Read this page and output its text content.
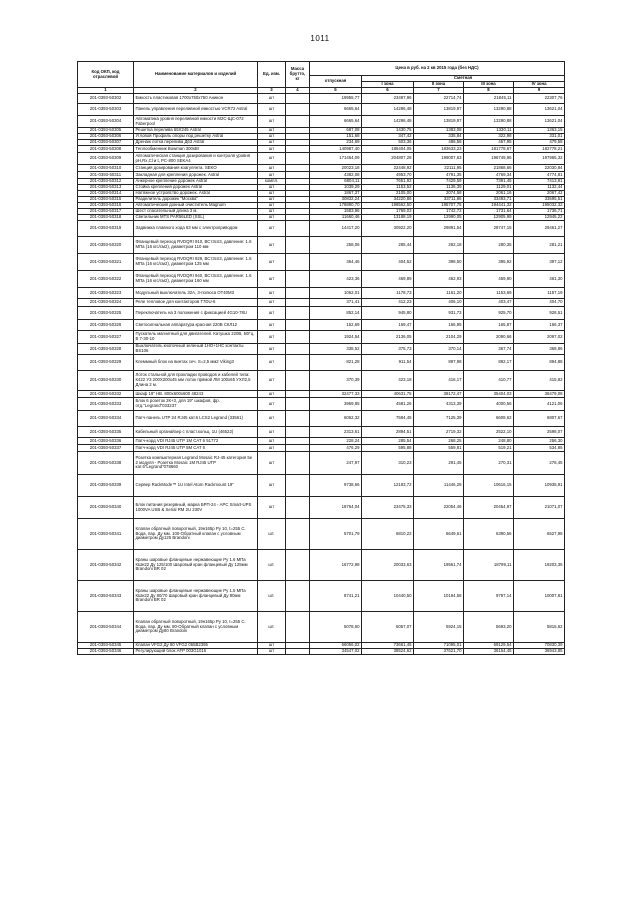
1011
Код ОКП, код отраслевой	Наименование материалов и изделий	Ед. изм.	Масса брутто, кг	Цена в руб. на 2 кв 2015 года (без НДС)				
				отпускная	Сметная			
					I зона	II зона	III зона	IV зона
1	2	3	4	5	6	7	8	9
201-0393-50302	Емкость пластиковая 1700х750х750 Аникон	шт		19955,77	23497,96	22714,74	21845,11	22307,76
201-0393-50303	Панель управления переливной емкостью VCR72 Astral	шт		6665,64	14296,48	13819,97	13290,88	13621,04
201-0393-50304	Автоматика уровня переливной емкости М2С-ЩС-072 Faberpool	шт		6665,64	14296,48	13819,97	13290,88	13621,04
201-0393-50305	Решетка перелива 55Х245 Astral	шт		687,08	1430,75	1383,08	1330,11	1363,15
201-0393-50306	Угловой Профиль опоры под решетку Astral	шт		151,68	347,42	335,84	322,98	331,01
201-0393-50307	Дренаж лотка перелива Д63 Astral	шт		234,69	503,36	486,58	467,95	479,58
201-0393-50308	Теплообменник Bowman 300кВт	шт		140987,40	186404,05	183633,23	181778,67	182778,21
201-0393-50309	Автоматическая станция дозирования и контроля уровня рН,Rx,Cl и t, PC-800 SEKA4	шт		171464,09	204807,28	199007,63	196749,96	197965,32
201-0393-50310	Станция дозирования коагулянта. SEKO	шт		20023,18	22448,92	22111,95	21868,66	22030,84
201-0393-50311	Закладная для крепления дорожек. Astral	шт		4382,08	4953,70	4791,35	4769,34	4774,81
201-0393-50312	Анкерное крепление дорожек Astral	компл.		6804,11	7651,92	7429,59	7391,45	7413,91
201-0393-50313	Стойка крепления дорожек Astral	шт		1039,29	1153,52	1136,39	1129,01	1132,44
201-0393-50314	Натяжное устройство дорожек. Astral	шт		1867,37	2105,00	2074,58	2061,16	2067,42
201-0393-50315	Разделитель дорожек "Москва"	шт		30832,24	34220,86	33711,86	33493,71	33595,51
201-0393-50316	Автоматический донный очиститель Magnum	шт		178890,70	198562,50	195707,75	194441,32	195032,32
201-0393-50317	Шест спасательный длина 3 м.	шт		1583,96	1769,03	1742,72	1731,64	1736,71
201-0393-50318	Светильник MTS PAR56LED (SSL)	шт		11660,46	13188,19	12990,05	12905,99	12945,22
201-0393-50319	Задвижка плавного хода 63 мм с электроприводом	шт		14417,20	30922,20	29891,54	28747,15	29461,27
201-0393-50320	Фланцевый переход RVDQRI 910, ВСт3сп3, давление: 1.6 МПа (16 кгс/см2), диаметром 110 мм	шт		258,06	285,44	282,18	280,35	281,21
201-0393-50321	Фланцевый переход RVDQRI 929, ВСт3сп3, давление: 1.6 МПа (16 кгс/см2), диаметром 125 мм	шт		364,46	404,52	398,50	395,92	397,12
201-0393-50322	Фланцевый переход RVDQRI 940, ВСт3сп3, давление: 1.6 МПа (16 кгс/см2), диаметром 160 мм	шт		423,36	469,89	462,93	459,90	461,30
201-0393-50323	Модульный выключатель 32А, 3-полюса ОТ40М3	шт		1062,01	1178,73	1161,20	1153,69	1157,19
201-0393-50324	Реле тепловое для контакторов T7DU-6	шт		371,41	412,23	406,10	403,47	404,70
201-0393-50325	Переключатель на 3 положения с фиксацией 4G10-78U	шт		852,14	945,80	931,73	925,70	928,51
201-0393-50326	Светосигнальная аппаратура красная 220В СКЛ12	шт		152,69	169,47	166,95	165,87	166,37
201-0393-50327	Пускатель магнитный для двигателей. Катушка 220В, 50Гц. В 7-30-10	шт		1924,54	2136,05	2104,29	2090,66	2097,02
201-0393-50328	Выключатель кнопочный зеленый 1НО+1НС контакты BS106	шт		338,52	375,73	370,14	367,74	368,86
201-0393-50329	Клеммный блок на винтах сеч. S=2,5 мм2 Viking3	шт		821,28	911,54	897,98	892,17	894,88
201-0393-50330	Лоток стальной для прокладки проводов и кабелей типа: К422 У3 200Х200х45 мм лоток прямой ЛМ 100х65 УХЛ2,5 Длина 2 м.	шт		370,39	423,18	416,17	410,77	415,82
201-0393-50332	Шкаф 19" НВ. 800х600х600 48243	шт		32477,33	40631,75	38172,47	35404,03	38479,08
201-0393-50333	Блок 6 розеток 2К+3, для 19" шкафов, фр. отд."Legrand"033237	шт		3969,85	4581,26	4313,39	4000,56	4121,06
201-0393-50334	Патч-панель UTP 24 RJ45 кат.6 LCS2 Legrand (33561)	шт		6062,32	7584,45	7125,39	6608,62	6807,67
201-0393-50335	Кабельный органайзер с пласт.кольц. 1U (46522)	шт		2313,61	2894,51	2719,32	2522,10	2598,07
201-0393-50336	Патч-корд VDI RJ45 UTP 1М CAT 6 51772	шт		228,24	285,54	268,25	248,80	256,30
201-0393-50337	Патч-корд VDI RJ45 UTP 5М CAT 6	шт		476,29	595,88	559,81	519,21	534,85
201-0393-50338	Розетка компьютерная Legrand Mosaic RJ-45 категория 5е 2 модуля - Розетка Mosaic 1М RJ45 UTP кат.6"Legrand"078660	шт		247,97	310,23	291,45	270,31	278,45
201-0393-50339	Сервер RackMode™ 1U Intel Atom Rackmount 19"	шт		9738,66	12183,72	11446,28	10616,15	10935,91
201-0393-50340	Блок питания резервный, марка БРП-24 - APC Smart-UPS 1000VA USB & Serial RM 2U 230V	шт		18764,04	23475,33	22054,46	20454,97	21071,07
201-0393-50341	Клапан обратный поворотный, 19н165р Ру 10, t=255 С. Вода, пар. Ду мм. 100-Обратный клапан с условным диаметром Ду125 Brandoni	шт.		5701,79	6810,22	6649,61	6390,56	6527,98
201-0393-50342	Краны шаровые фланцевые нержавеющие Ру 1.6 МПа КШн22 Ду 125/100 Шаровый кран фланцевый Ду 125мм Brandoni BR 02	шт.		16772,98	20033,63	19561,74	18799,11	19203,35
201-0393-50343	Краны шаровые фланцевые нержавеющие Ру 1.5 МПа КШн22 Ду 80/70 Шаровый кран фланцевый Ду 80мм Brandoni BR 02	шт.		8741,21	10440,50	10194,58	9797,14	10007,81
201-0393-50344	Клапан обратный поворотный, 19н165р Ру 10, t=255 С. Вода, пар. Ду мм. 80-Обратный клапан с условным диаметром Ду80 Brandoni	шт.		5078,60	6057,07	5924,15	5693,20	5815,62
201-0393-50345	Клапан VFG2 Ду 80 VFG2 065B2395	шт		66056,02	73661,45	71095,01	69129,54	70830,39
201-0393-50346	Регулирующий блок AFP 003G1016	шт		34547,02	38524,62	37621,70	36154,45	36943,85
